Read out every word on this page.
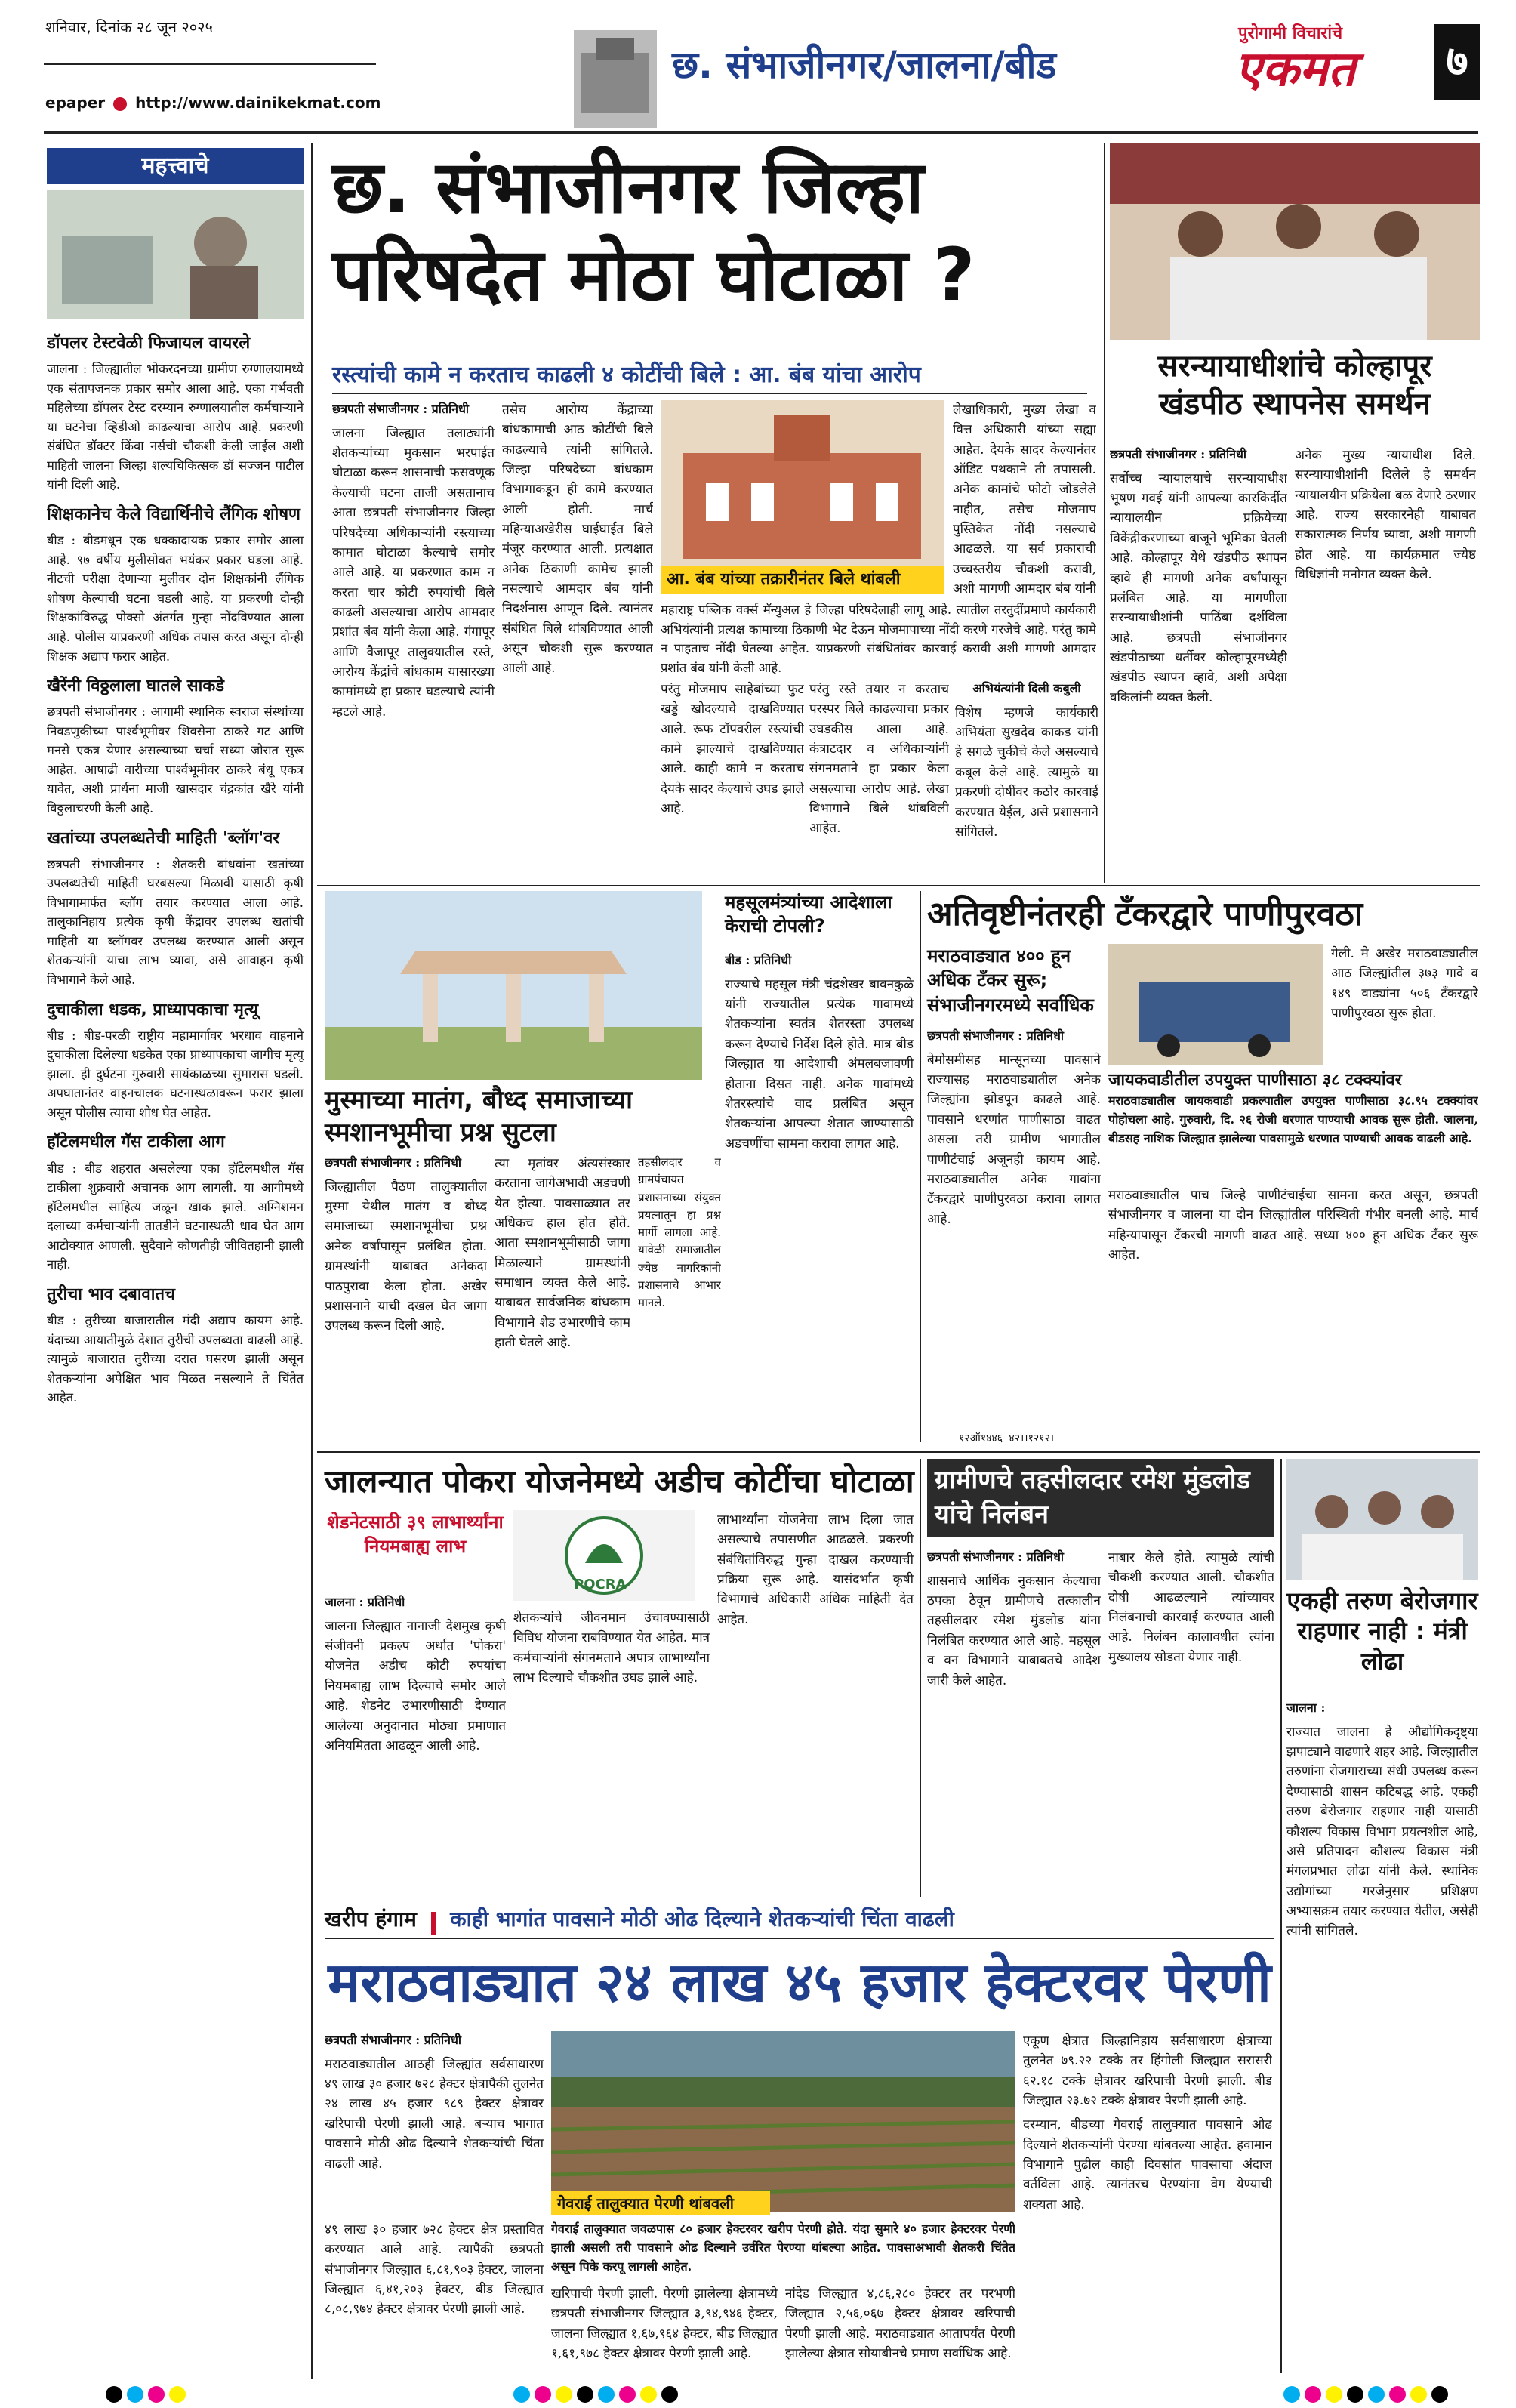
शनिवार, दिनांक २८ जून २०२५
epaper http://www.dainikekmat.com
छ. संभाजीनगर/जालना/बीड
पुरोगामी विचारांचे
एकमत ७
महत्त्वाचे
डॉपलर टेस्टवेळी फिजायल वायरले

जालना : जिल्ह्यातील भोकरदनच्या ग्रामीण रुग्णालयामध्ये एक संतापजनक प्रकार समोर आला आहे. एका गर्भवती महिलेच्या डॉपलर टेस्ट दरम्यान रुग्णालयातील कर्मचाऱ्याने या घटनेचा व्हिडीओ काढल्याचा आरोप आहे. प्रकरणी संबंधित डॉक्टर किंवा नर्सची चौकशी केली जाईल अशी माहिती जालना जिल्हा शल्यचिकित्सक डॉ सज्जन पाटील यांनी दिली आहे.

शिक्षकानेच केले विद्यार्थिनीचे लैंगिक शोषण

बीड : बीडमधून एक धक्कादायक प्रकार समोर आला आहे. ९७ वर्षीय मुलीसोबत भयंकर प्रकार घडला आहे. नीटची परीक्षा देणाऱ्या मुलीवर दोन शिक्षकांनी लैंगिक शोषण केल्याची घटना घडली आहे. या प्रकरणी दोन्ही शिक्षकांविरुद्ध पोक्सो अंतर्गत गुन्हा नोंदविण्यात आला आहे. पोलीस याप्रकरणी अधिक तपास करत असून दोन्ही शिक्षक अद्याप फरार आहेत.

खैरेंनी विठ्ठलाला घातले साकडे

छत्रपती संभाजीनगर : आगामी स्थानिक स्वराज संस्थांच्या निवडणुकीच्या पार्श्वभूमीवर शिवसेना ठाकरे गट आणि मनसे एकत्र येणार असल्याच्या चर्चा सध्या जोरात सुरू आहेत. आषाढी वारीच्या पार्श्वभूमीवर ठाकरे बंधू एकत्र यावेत, अशी प्रार्थना माजी खासदार चंद्रकांत खैरे यांनी विठ्ठलाचरणी केली आहे.

खतांच्या उपलब्धतेची माहिती 'ब्लॉग'वर

छत्रपती संभाजीनगर : शेतकरी बांधवांना खतांच्या उपलब्धतेची माहिती घरबसल्या मिळावी यासाठी कृषी विभागामार्फत ब्लॉग तयार करण्यात आला आहे. तालुकानिहाय प्रत्येक कृषी केंद्रावर उपलब्ध खतांची माहिती या ब्लॉगवर उपलब्ध करण्यात आली असून शेतकऱ्यांनी याचा लाभ घ्यावा, असे आवाहन कृषी विभागाने केले आहे.

दुचाकीला धडक, प्राध्यापकाचा मृत्यू

बीड : बीड-परळी राष्ट्रीय महामार्गावर भरधाव वाहनाने दुचाकीला दिलेल्या धडकेत एका प्राध्यापकाचा जागीच मृत्यू झाला. ही दुर्घटना गुरुवारी सायंकाळच्या सुमारास घडली. अपघातानंतर वाहनचालक घटनास्थळावरून फरार झाला असून पोलीस त्याचा शोध घेत आहेत.

हॉटेलमधील गॅस टाकीला आग

बीड : बीड शहरात असलेल्या एका हॉटेलमधील गॅस टाकीला शुक्रवारी अचानक आग लागली. या आगीमध्ये हॉटेलमधील साहित्य जळून खाक झाले. अग्निशमन दलाच्या कर्मचाऱ्यांनी तातडीने घटनास्थळी धाव घेत आग आटोक्यात आणली. सुदैवाने कोणतीही जीवितहानी झाली नाही.

तुरीचा भाव दबावातच

बीड : तुरीच्या बाजारातील मंदी अद्याप कायम आहे. यंदाच्या आयातीमुळे देशात तुरीची उपलब्धता वाढली आहे. त्यामुळे बाजारात तुरीच्या दरात घसरण झाली असून शेतकऱ्यांना अपेक्षित भाव मिळत नसल्याने ते चिंतेत आहेत.

छ. संभाजीनगर जिल्हा
परिषदेत मोठा घोटाळा ?
रस्त्यांची कामे न करताच काढली ४ कोटींची बिले : आ. बंब यांचा आरोप

छत्रपती संभाजीनगर : प्रतिनिधी

जालना जिल्ह्यात तलाठ्यांनी शेतकऱ्यांच्या मुकसान भरपाईत घोटाळा करून शासनाची फसवणूक केल्याची घटना ताजी असतानाच आता छत्रपती संभाजीनगर जिल्हा परिषदेच्या अधिकाऱ्यांनी रस्त्याच्या कामात घोटाळा केल्याचे समोर आले आहे. या प्रकरणात काम न करता चार कोटी रुपयांची बिले काढली असल्याचा आरोप आमदार प्रशांत बंब यांनी केला आहे. गंगापूर आणि वैजापूर तालुक्यातील रस्ते, आरोग्य केंद्रांचे बांधकाम यासारख्या कामांमध्ये हा प्रकार घडल्याचे त्यांनी म्हटले आहे.

तसेच आरोग्य केंद्राच्या बांधकामाची आठ कोटींची बिले काढल्याचे त्यांनी सांगितले. जिल्हा परिषदेच्या बांधकाम विभागाकडून ही कामे करण्यात आली होती. मार्च महिन्याअखेरीस घाईघाईत बिले मंजूर करण्यात आली. प्रत्यक्षात अनेक ठिकाणी कामेच झाली नसल्याचे आमदार बंब यांनी निदर्शनास आणून दिले. त्यानंतर संबंधित बिले थांबविण्यात आली असून चौकशी सुरू करण्यात आली आहे.

आ. बंब यांच्या तक्रारीनंतर बिले थांबली

लेखाधिकारी, मुख्य लेखा व वित्त अधिकारी यांच्या सह्या आहेत. देयके सादर केल्यानंतर ऑडिट पथकाने ती तपासली. अनेक कामांचे फोटो जोडलेले नाहीत, तसेच मोजमाप पुस्तिकेत नोंदी नसल्याचे आढळले. या सर्व प्रकाराची उच्चस्तरीय चौकशी करावी, अशी मागणी आमदार बंब यांनी

महाराष्ट्र पब्लिक वर्क्स मॅन्युअल हे जिल्हा परिषदेलाही लागू आहे. त्यातील तरतुदींप्रमाणे कार्यकारी अभियंत्यांनी प्रत्यक्ष कामाच्या ठिकाणी भेट देऊन मोजमापाच्या नोंदी करणे गरजेचे आहे. परंतु कामे न पाहताच नोंदी घेतल्या आहेत. याप्रकरणी संबंधितांवर कारवाई करावी अशी मागणी आमदार प्रशांत बंब यांनी केली आहे.

परंतु मोजमाप साहेबांच्या फुट खड्डे खोदल्याचे दाखविण्यात आले. रूफ टॉपवरील रस्त्यांची कामे झाल्याचे दाखविण्यात आले. काही कामे न करताच देयके सादर केल्याचे उघड झाले आहे.

परंतु रस्ते तयार न करताच परस्पर बिले काढल्याचा प्रकार उघडकीस आला आहे. कंत्राटदार व अधिकाऱ्यांनी संगनमताने हा प्रकार केला असल्याचा आरोप आहे. लेखा विभागाने बिले थांबविली आहेत.

अभियंत्यांनी दिली कबुली

विशेष म्हणजे कार्यकारी अभियंता सुखदेव काकड यांनी हे सगळे चुकीचे केले असल्याचे कबूल केले आहे. त्यामुळे या प्रकरणी दोषींवर कठोर कारवाई करण्यात येईल, असे प्रशासनाने सांगितले.

सरन्यायाधीशांचे कोल्हापूर खंडपीठ स्थापनेस समर्थन

छत्रपती संभाजीनगर : प्रतिनिधी

सर्वोच्च न्यायालयाचे सरन्यायाधीश भूषण गवई यांनी आपल्या कारकिर्दीत न्यायालयीन प्रक्रियेच्या विकेंद्रीकरणाच्या बाजूने भूमिका घेतली आहे. कोल्हापूर येथे खंडपीठ स्थापन व्हावे ही मागणी अनेक वर्षांपासून प्रलंबित आहे. या मागणीला सरन्यायाधीशांनी पाठिंबा दर्शविला आहे. छत्रपती संभाजीनगर खंडपीठाच्या धर्तीवर कोल्हापूरमध्येही खंडपीठ स्थापन व्हावे, अशी अपेक्षा वकिलांनी व्यक्त केली.

अनेक मुख्य न्यायाधीश दिले. सरन्यायाधीशांनी दिलेले हे समर्थन न्यायालयीन प्रक्रियेला बळ देणारे ठरणार आहे. राज्य सरकारनेही याबाबत सकारात्मक निर्णय घ्यावा, अशी मागणी होत आहे. या कार्यक्रमात ज्येष्ठ विधिज्ञांनी मनोगत व्यक्त केले.

मुस्माच्या मातंग, बौध्द समाजाच्या स्मशानभूमीचा प्रश्न सुटला

छत्रपती संभाजीनगर : प्रतिनिधी

जिल्ह्यातील पैठण तालुक्यातील मुस्मा येथील मातंग व बौध्द समाजाच्या स्मशानभूमीचा प्रश्न अनेक वर्षांपासून प्रलंबित होता. ग्रामस्थांनी याबाबत अनेकदा पाठपुरावा केला होता. अखेर प्रशासनाने याची दखल घेत जागा उपलब्ध करून दिली आहे.

त्या मृतांवर अंत्यसंस्कार करताना जागेअभावी अडचणी येत होत्या. पावसाळ्यात तर अधिकच हाल होत होते. आता स्मशानभूमीसाठी जागा मिळाल्याने ग्रामस्थांनी समाधान व्यक्त केले आहे. याबाबत सार्वजनिक बांधकाम विभागाने शेड उभारणीचे काम हाती घेतले आहे.

तहसीलदार व ग्रामपंचायत प्रशासनाच्या संयुक्त प्रयत्नातून हा प्रश्न मार्गी लागला आहे. यावेळी समाजातील ज्येष्ठ नागरिकांनी प्रशासनाचे आभार मानले.

महसूलमंत्र्यांच्या आदेशाला केराची टोपली?

बीड : प्रतिनिधी

राज्याचे महसूल मंत्री चंद्रशेखर बावनकुळे यांनी राज्यातील प्रत्येक गावामध्ये शेतकऱ्यांना स्वतंत्र शेतरस्ता उपलब्ध करून देण्याचे निर्देश दिले होते. मात्र बीड जिल्ह्यात या आदेशाची अंमलबजावणी होताना दिसत नाही. अनेक गावांमध्ये शेतरस्त्यांचे वाद प्रलंबित असून शेतकऱ्यांना आपल्या शेतात जाण्यासाठी अडचणींचा सामना करावा लागत आहे.

अतिवृष्टीनंतरही टँकरद्वारे पाणीपुरवठा
मराठवाड्यात ४०० हून अधिक टँकर सुरू; संभाजीनगरमध्ये सर्वाधिक

छत्रपती संभाजीनगर : प्रतिनिधी

बेमोसमीसह मान्सूनच्या पावसाने राज्यासह मराठवाड्यातील अनेक जिल्ह्यांना झोडपून काढले आहे. पावसाने धरणांत पाणीसाठा वाढत असला तरी ग्रामीण भागातील पाणीटंचाई अजूनही कायम आहे. मराठवाड्यातील अनेक गावांना टँकरद्वारे पाणीपुरवठा करावा लागत आहे.

गेली. मे अखेर मराठवाड्यातील आठ जिल्ह्यांतील ३७३ गावे व १४९ वाड्यांना ५०६ टँकरद्वारे पाणीपुरवठा सुरू होता.

जायकवाडीतील उपयुक्त पाणीसाठा ३८ टक्क्यांवर

मराठवाड्यातील जायकवाडी प्रकल्पातील उपयुक्त पाणीसाठा ३८.९५ टक्क्यांवर पोहोचला आहे. गुरुवारी, दि. २६ रोजी धरणात पाण्याची आवक सुरू होती. जालना, बीडसह नाशिक जिल्ह्यात झालेल्या पावसामुळे धरणात पाण्याची आवक वाढली आहे.

मराठवाड्यातील पाच जिल्हे पाणीटंचाईचा सामना करत असून, छत्रपती संभाजीनगर व जालना या दोन जिल्ह्यांतील परिस्थिती गंभीर बनली आहे. मार्च महिन्यापासून टँकरची मागणी वाढत आहे. सध्या ४०० हून अधिक टँकर सुरू आहेत.

१२ऑ१४४६ ४२।।१२१२।
जालन्यात पोकरा योजनेमध्ये अडीच कोटींचा घोटाळा
शेडनेटसाठी ३९ लाभार्थ्यांना नियमबाह्य लाभ
POCRA

जालना : प्रतिनिधी

जालना जिल्ह्यात नानाजी देशमुख कृषी संजीवनी प्रकल्प अर्थात 'पोकरा' योजनेत अडीच कोटी रुपयांचा नियमबाह्य लाभ दिल्याचे समोर आले आहे. शेडनेट उभारणीसाठी देण्यात आलेल्या अनुदानात मोठ्या प्रमाणात अनियमितता आढळून आली आहे.

शेतकऱ्यांचे जीवनमान उंचावण्यासाठी विविध योजना राबविण्यात येत आहेत. मात्र कर्मचाऱ्यांनी संगनमताने अपात्र लाभार्थ्यांना लाभ दिल्याचे चौकशीत उघड झाले आहे.

लाभार्थ्यांना योजनेचा लाभ दिला जात असल्याचे तपासणीत आढळले. प्रकरणी संबंधितांविरुद्ध गुन्हा दाखल करण्याची प्रक्रिया सुरू आहे. यासंदर्भात कृषी विभागाचे अधिकारी अधिक माहिती देत आहेत.

ग्रामीणचे तहसीलदार रमेश मुंडलोड यांचे निलंबन

छत्रपती संभाजीनगर : प्रतिनिधी

शासनाचे आर्थिक नुकसान केल्याचा ठपका ठेवून ग्रामीणचे तत्कालीन तहसीलदार रमेश मुंडलोड यांना निलंबित करण्यात आले आहे. महसूल व वन विभागाने याबाबतचे आदेश जारी केले आहेत.

नाबार केले होते. त्यामुळे त्यांची चौकशी करण्यात आली. चौकशीत दोषी आढळल्याने त्यांच्यावर निलंबनाची कारवाई करण्यात आली आहे. निलंबन कालावधीत त्यांना मुख्यालय सोडता येणार नाही.

एकही तरुण बेरोजगार राहणार नाही : मंत्री लोढा

जालना :

राज्यात जालना हे औद्योगिकदृष्ट्या झपाट्याने वाढणारे शहर आहे. जिल्ह्यातील तरुणांना रोजगाराच्या संधी उपलब्ध करून देण्यासाठी शासन कटिबद्ध आहे. एकही तरुण बेरोजगार राहणार नाही यासाठी कौशल्य विकास विभाग प्रयत्नशील आहे, असे प्रतिपादन कौशल्य विकास मंत्री मंगलप्रभात लोढा यांनी केले. स्थानिक उद्योगांच्या गरजेनुसार प्रशिक्षण अभ्यासक्रम तयार करण्यात येतील, असेही त्यांनी सांगितले.

खरीप हंगाम काही भागांत पावसाने मोठी ओढ दिल्याने शेतकऱ्यांची चिंता वाढली
मराठवाड्यात २४ लाख ४५ हजार हेक्टरवर पेरणी

छत्रपती संभाजीनगर : प्रतिनिधी

मराठवाड्यातील आठही जिल्ह्यांत सर्वसाधारण ४९ लाख ३० हजार ७२८ हेक्टर क्षेत्रापैकी तुलनेत २४ लाख ४५ हजार ९८९ हेक्टर क्षेत्रावर खरिपाची पेरणी झाली आहे. बऱ्याच भागात पावसाने मोठी ओढ दिल्याने शेतकऱ्यांची चिंता वाढली आहे.

गेवराई तालुक्यात पेरणी थांबवली

एकूण क्षेत्रात जिल्हानिहाय सर्वसाधारण क्षेत्राच्या तुलनेत ७९.२२ टक्के तर हिंगोली जिल्ह्यात सरासरी ६२.१८ टक्के क्षेत्रावर खरिपाची पेरणी झाली. बीड जिल्ह्यात २३.७२ टक्के क्षेत्रावर पेरणी झाली आहे.

दरम्यान, बीडच्या गेवराई तालुक्यात पावसाने ओढ दिल्याने शेतकऱ्यांनी पेरण्या थांबवल्या आहेत. हवामान विभागाने पुढील काही दिवसांत पावसाचा अंदाज वर्तविला आहे. त्यानंतरच पेरण्यांना वेग येण्याची शक्यता आहे.

४९ लाख ३० हजार ७२८ हेक्टर क्षेत्र प्रस्तावित करण्यात आले आहे. त्यापैकी छत्रपती संभाजीनगर जिल्ह्यात ६,८१,९०३ हेक्टर, जालना जिल्ह्यात ६,४१,२०३ हेक्टर, बीड जिल्ह्यात ८,०८,९७४ हेक्टर क्षेत्रावर पेरणी झाली आहे.

गेवराई तालुक्यात जवळपास ८० हजार हेक्टरवर खरीप पेरणी होते. यंदा सुमारे ४० हजार हेक्टरवर पेरणी झाली असली तरी पावसाने ओढ दिल्याने उर्वरित पेरण्या थांबल्या आहेत. पावसाअभावी शेतकरी चिंतेत असून पिके करपू लागली आहेत.

खरिपाची पेरणी झाली. पेरणी झालेल्या क्षेत्रामध्ये छत्रपती संभाजीनगर जिल्ह्यात ३,९४,९४६ हेक्टर, जालना जिल्ह्यात १,६७,९६४ हेक्टर, बीड जिल्ह्यात १,६१,९७८ हेक्टर क्षेत्रावर पेरणी झाली आहे.

नांदेड जिल्ह्यात ४,८६,२८० हेक्टर तर परभणी जिल्ह्यात २,५६,०६७ हेक्टर क्षेत्रावर खरिपाची पेरणी झाली आहे. मराठवाड्यात आतापर्यंत पेरणी झालेल्या क्षेत्रात सोयाबीनचे प्रमाण सर्वाधिक आहे.
